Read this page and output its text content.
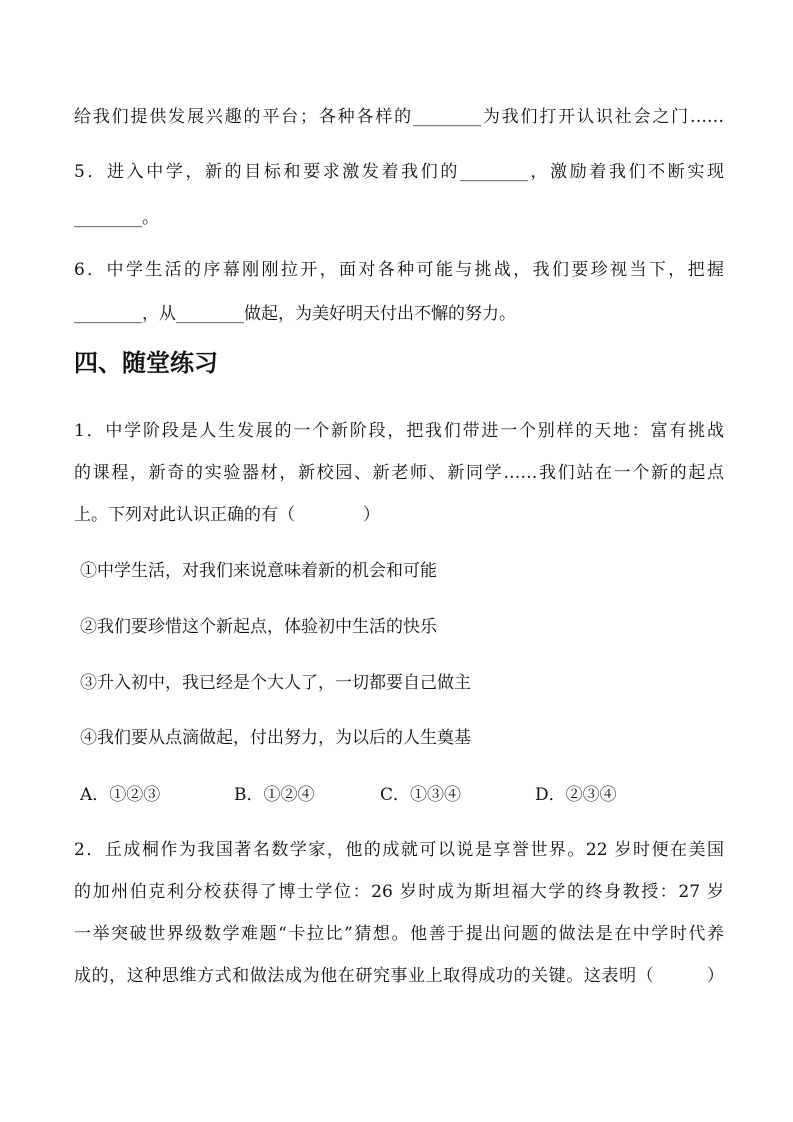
给我们提供发展兴趣的平台；各种各样的________为我们打开认识社会之门……
5．进入中学，新的目标和要求激发着我们的________，激励着我们不断实现
________。
6．中学生活的序幕刚刚拉开，面对各种可能与挑战，我们要珍视当下，把握
________，从________做起，为美好明天付出不懈的努力。
四、随堂练习
1．中学阶段是人生发展的一个新阶段，把我们带进一个别样的天地：富有挑战
的课程，新奇的实验器材，新校园、新老师、新同学……我们站在一个新的起点
上。下列对此认识正确的有（　　　　）
①中学生活，对我们来说意味着新的机会和可能
②我们要珍惜这个新起点，体验初中生活的快乐
③升入初中，我已经是个大人了，一切都要自己做主
④我们要从点滴做起，付出努力，为以后的人生奠基
A．①②③	B．①②④	C．①③④	D．②③④
2．丘成桐作为我国著名数学家，他的成就可以说是享誉世界。22 岁时便在美国
的加州伯克利分校获得了博士学位：26 岁时成为斯坦福大学的终身教授：27 岁
一举突破世界级数学难题“卡拉比”猜想。他善于提出问题的做法是在中学时代养
成的，这种思维方式和做法成为他在研究事业上取得成功的关键。这表明（　　　）
